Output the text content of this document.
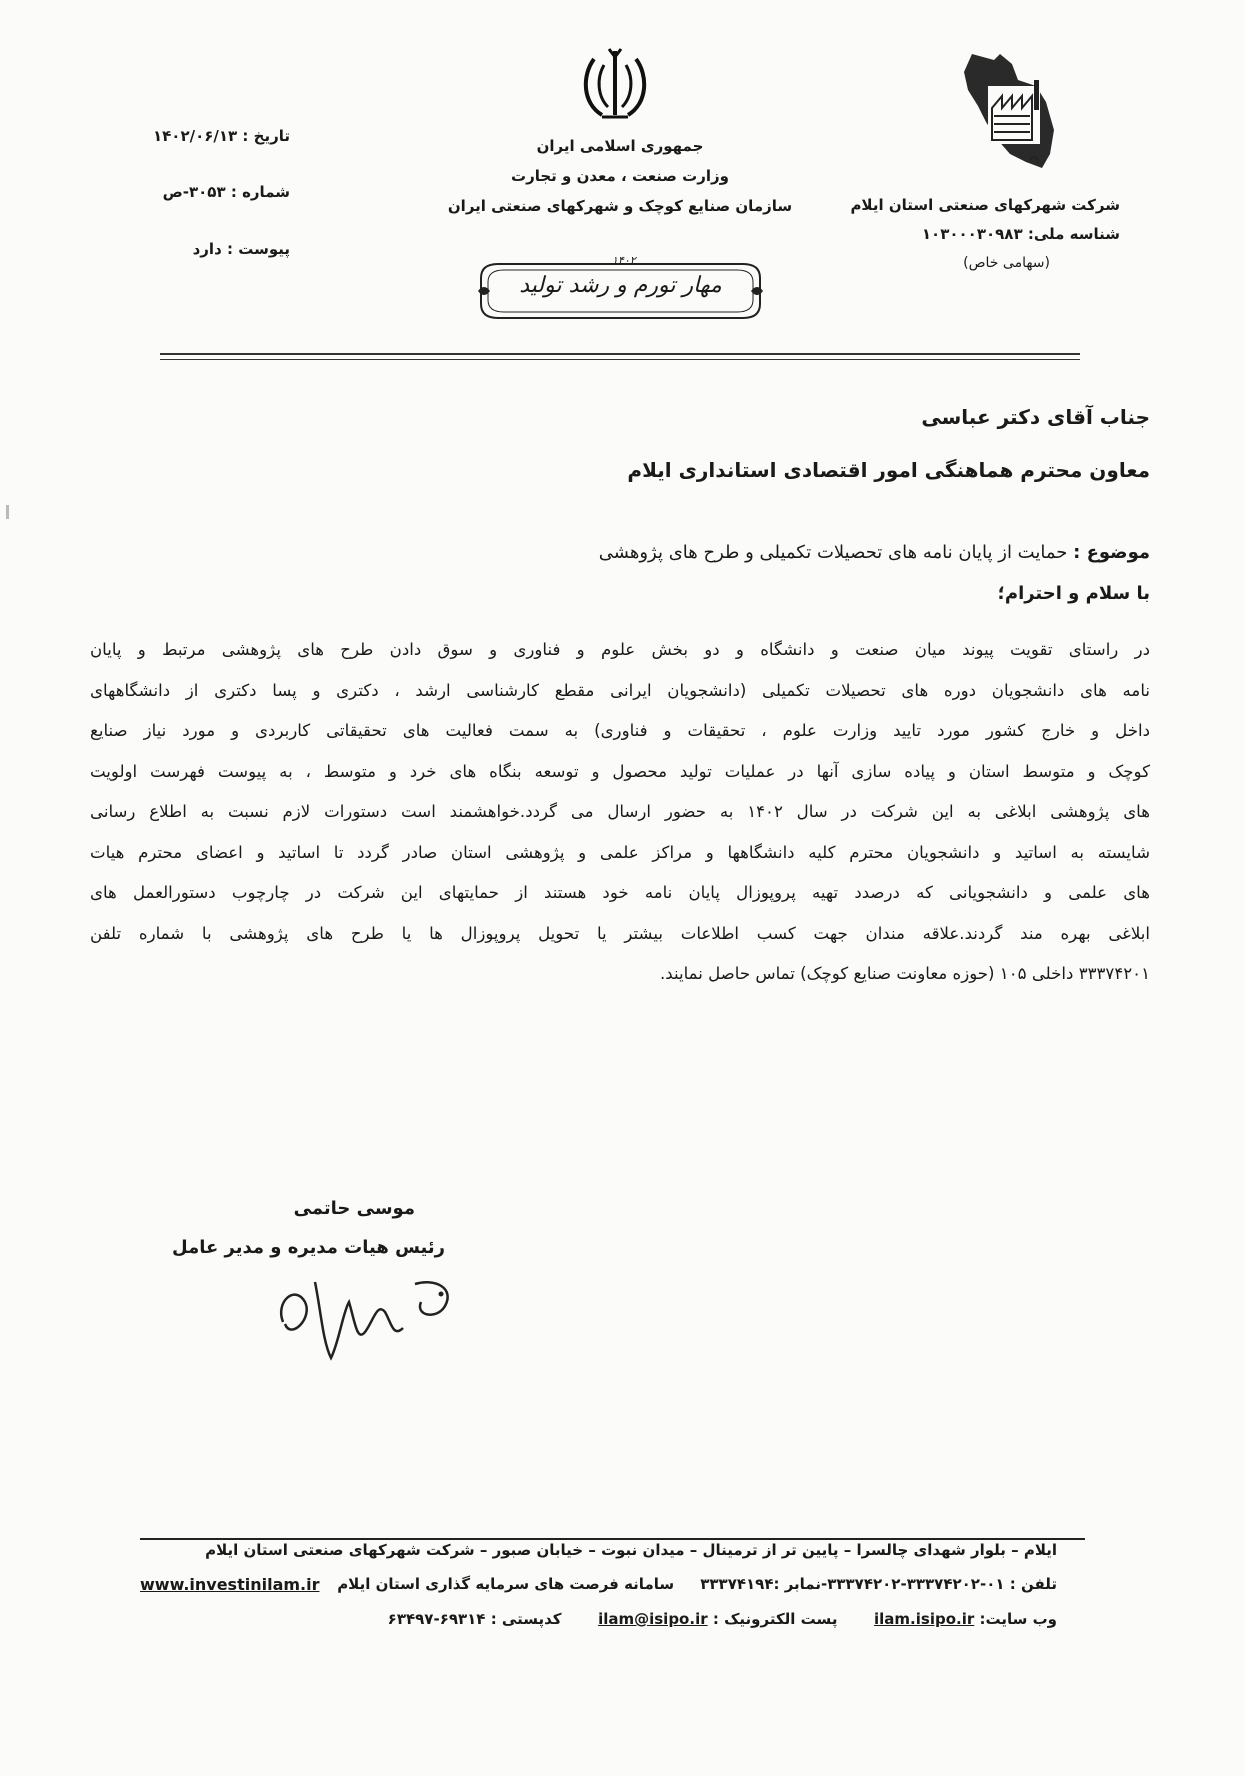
شرکت شهرکهای صنعتی استان ایلام
شناسه ملی: ۱۰۳۰۰۰۳۰۹۸۳
(سهامی خاص)
جمهوری اسلامی ایران
وزارت صنعت ، معدن و تجارت
سازمان صنایع کوچک و شهرکهای صنعتی ایران
۱۴۰۲
مهار تورم و رشد تولید
تاریخ : ۱۴۰۲/۰۶/۱۳
شماره : ۳۰۵۳-ص
پیوست : دارد
جناب آقای دکتر عباسی
معاون محترم هماهنگی امور اقتصادی استانداری ایلام
موضوع : حمایت از پایان نامه های تحصیلات تکمیلی و طرح های پژوهشی
با سلام و احترام؛
در راستای تقویت پیوند میان صنعت و دانشگاه و دو بخش علوم و فناوری و سوق دادن طرح های پژوهشی مرتبط و پایان
نامه های دانشجویان دوره های تحصیلات تکمیلی (دانشجویان ایرانی مقطع کارشناسی ارشد ، دکتری و پسا دکتری از دانشگاههای
داخل و خارج کشور مورد تایید وزارت علوم ، تحقیقات و فناوری) به سمت فعالیت های تحقیقاتی کاربردی و مورد نیاز صنایع
کوچک و متوسط استان و پیاده سازی آنها در عملیات تولید محصول و توسعه بنگاه های خرد و متوسط ، به پیوست فهرست اولویت
های پژوهشی ابلاغی به این شرکت در سال ۱۴۰۲ به حضور ارسال می گردد.خواهشمند است دستورات لازم نسبت به اطلاع رسانی
شایسته به اساتید و دانشجویان محترم کلیه دانشگاهها و مراکز علمی و پژوهشی استان صادر گردد تا اساتید و اعضای محترم هیات
های علمی و دانشجویانی که درصدد تهیه پروپوزال پایان نامه خود هستند از حمایتهای این شرکت در چارچوب دستورالعمل های
ابلاغی بهره مند گردند.علاقه مندان جهت کسب اطلاعات بیشتر یا تحویل پروپوزال ها یا طرح های پژوهشی با شماره تلفن
۳۳۳۷۴۲۰۱ داخلی ۱۰۵ (حوزه معاونت صنایع کوچک) تماس حاصل نمایند.
موسی حاتمی
رئیس هیات مدیره و مدیر عامل
ایلام – بلوار شهدای چالسرا – پایین تر از ترمینال – میدان نبوت – خیابان صبور – شرکت شهرکهای صنعتی استان ایلام
تلفن : ۰۱-۳۳۳۷۴۲۰۲-۳۳۳۷۴۲۰۲-نمابر :۳۳۳۷۴۱۹۴     سامانه فرصت های سرمایه گذاری استان ایلام
www.investinilam.ir
وب سایت: ilam.isipo.ir       پست الکترونیک : ilam@isipo.ir       کدپستی : ۶۹۳۱۴-۶۳۴۹۷
